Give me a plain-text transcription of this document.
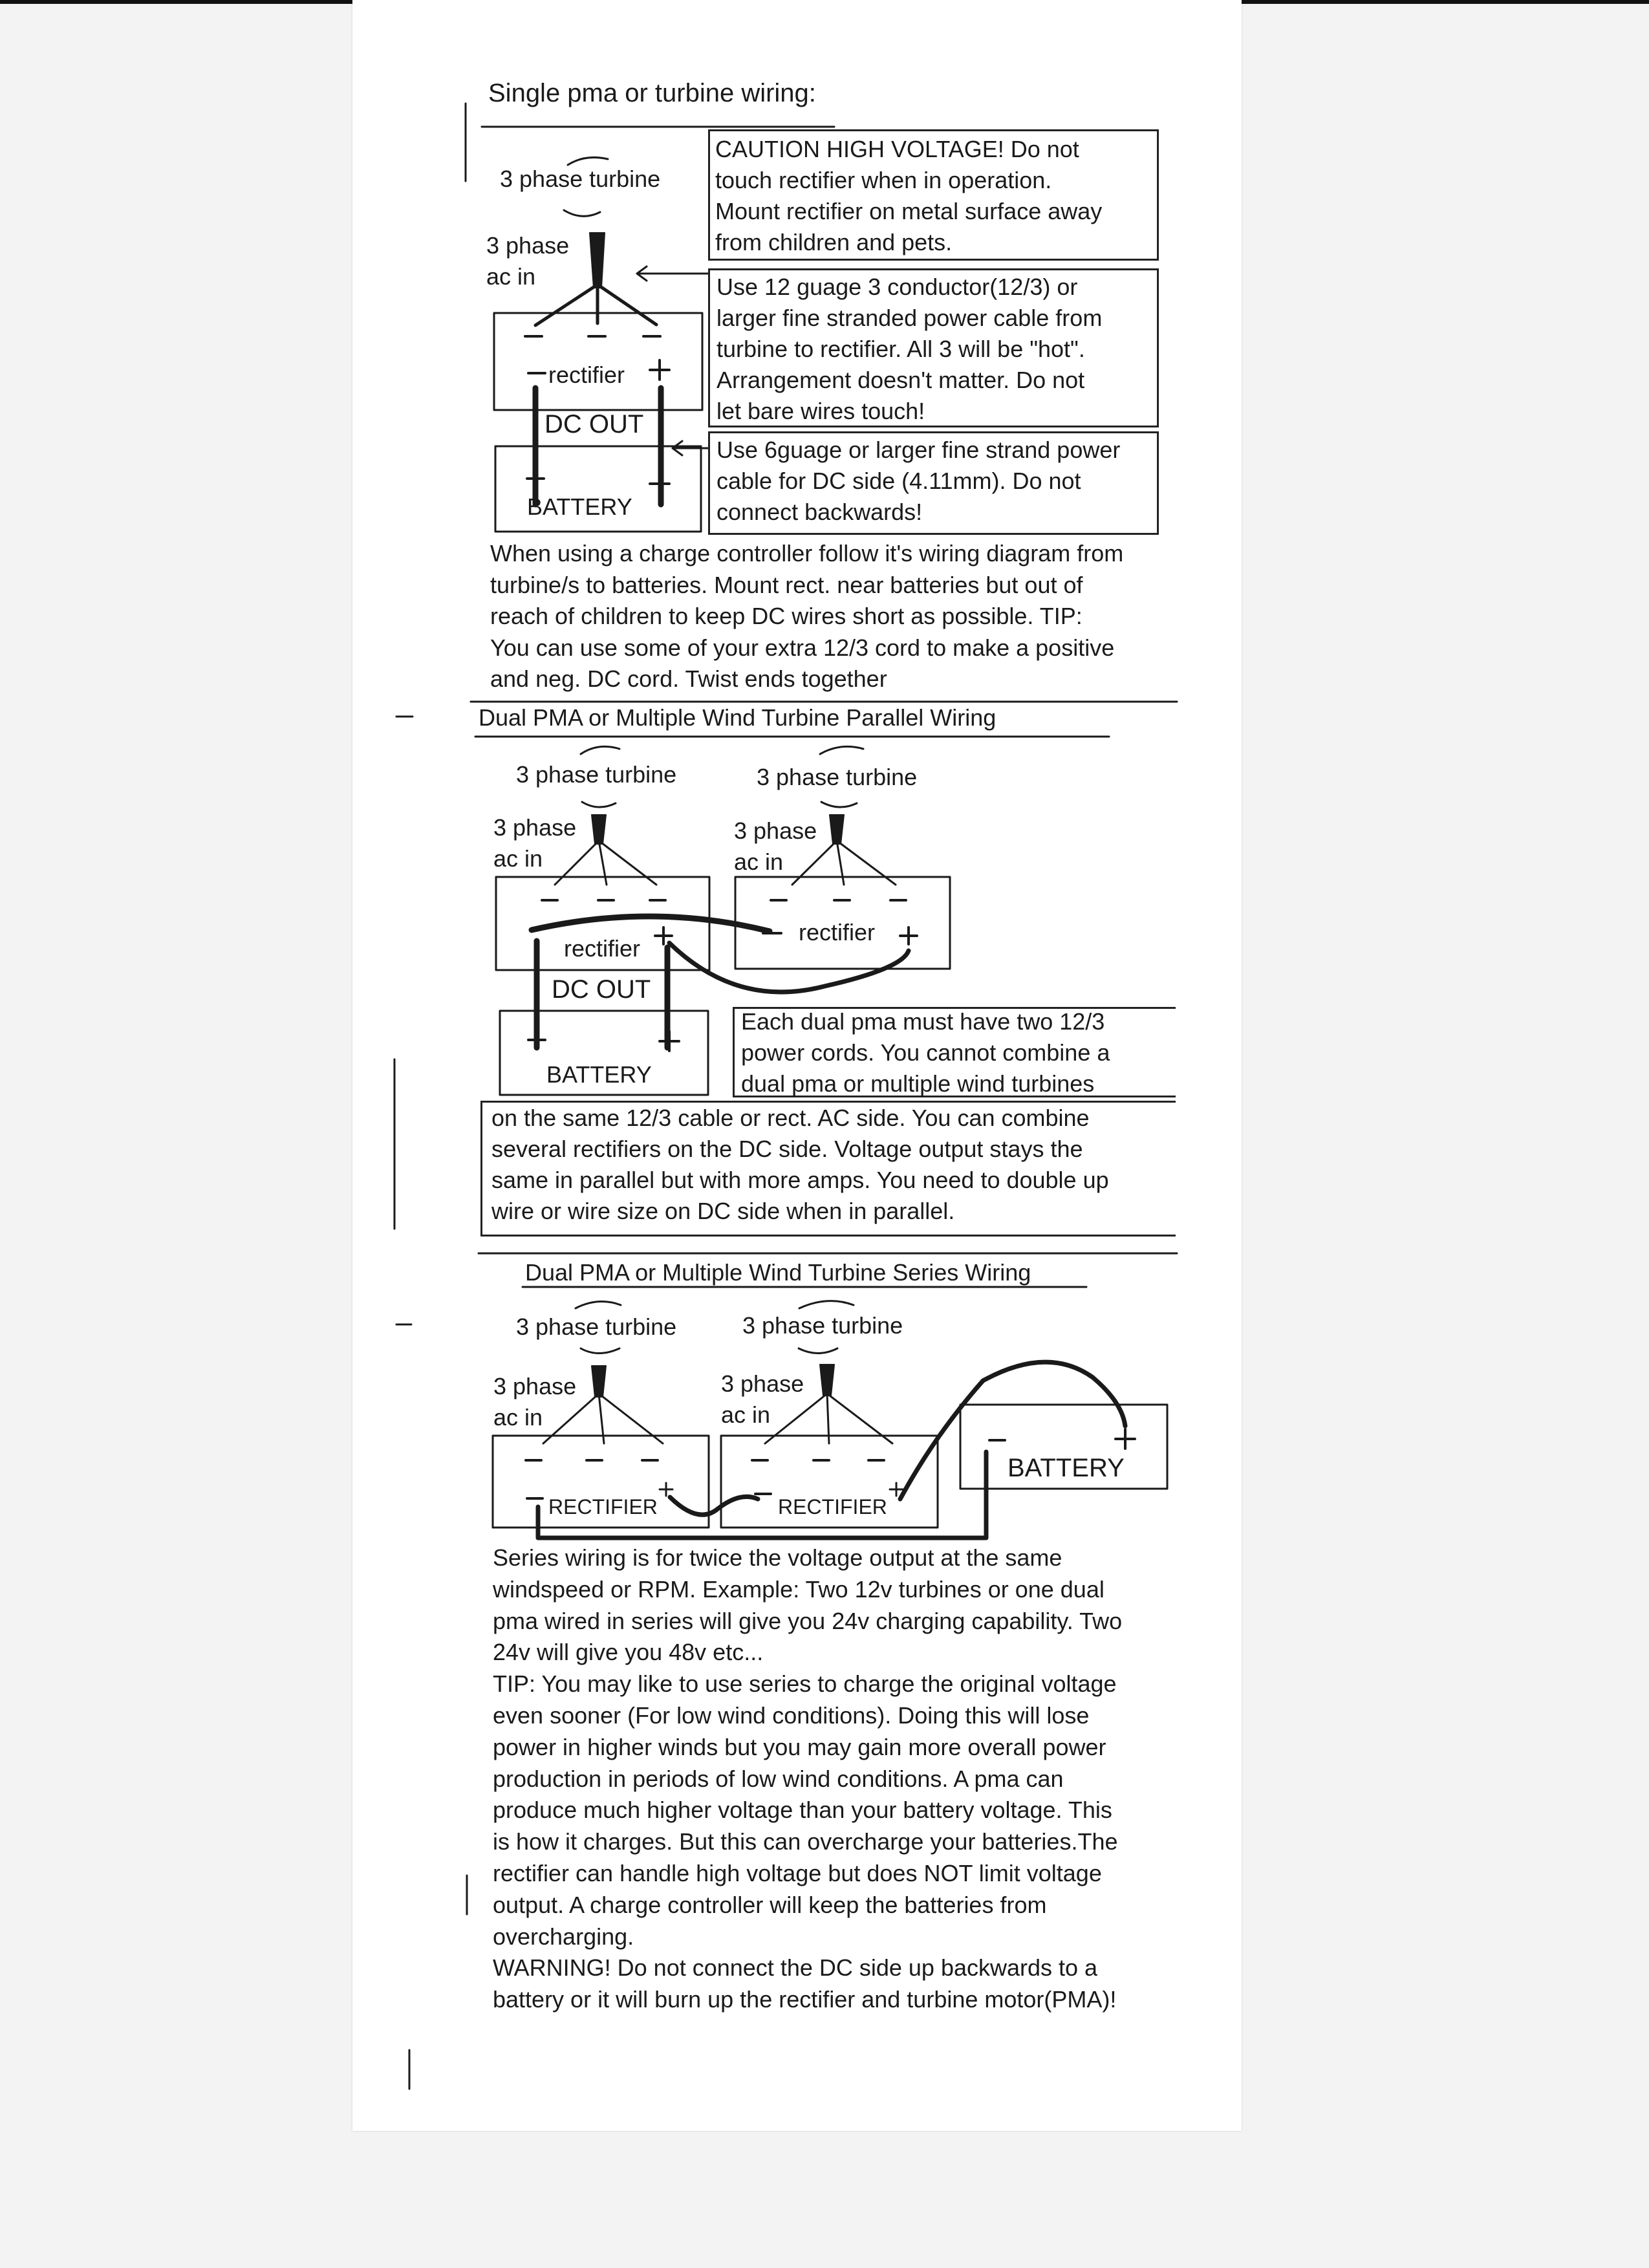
Single pma or turbine wiring:
3 phase turbine
3 phase
ac in
rectifier
DC OUT
BATTERY
CAUTION HIGH VOLTAGE! Do not
touch rectifier when in operation.
Mount rectifier on metal surface away
from children and pets.
Use 12 guage 3 conductor(12/3) or
larger fine stranded power cable from
turbine to rectifier. All 3 will be "hot".
Arrangement doesn't matter. Do not
let bare wires touch!
Use 6guage or larger fine strand power
cable for DC side (4.11mm). Do not
connect backwards!
When using a charge controller follow it's wiring diagram from
turbine/s to batteries. Mount rect. near batteries but out of
reach of children to keep DC wires short as possible. TIP:
You can use some of your extra 12/3 cord to make a positive
and neg. DC cord. Twist ends together
Dual PMA or Multiple Wind Turbine Parallel Wiring
3 phase turbine	3 phase turbine
3 phase
ac in
3 phase
ac in
rectifier
rectifier
DC OUT
BATTERY
Each dual pma must have two 12/3
power cords. You cannot combine a
dual pma or multiple wind turbines
on the same 12/3 cable or rect. AC side. You can combine
several rectifiers on the DC side. Voltage output stays the
same in parallel but with more amps. You need to double up
wire or wire size on DC side when in parallel.
Dual PMA or Multiple Wind Turbine Series Wiring
3 phase turbine	3 phase turbine
3 phase
ac in
3 phase
ac in
RECTIFIER	RECTIFIER
BATTERY
Series wiring is for twice the voltage output at the same
windspeed or RPM. Example: Two 12v turbines or one dual
pma wired in series will give you 24v charging capability. Two
24v will give you 48v etc...
TIP: You may like to use series to charge the original voltage
even sooner (For low wind conditions). Doing this will lose
power in higher winds but you may gain more overall power
production in periods of low wind conditions. A pma can
produce much higher voltage than your battery voltage. This
is how it charges. But this can overcharge your batteries.The
rectifier can handle high voltage but does NOT limit voltage
output. A charge controller will keep the batteries from
overcharging.
WARNING! Do not connect the DC side up backwards to a
battery or it will burn up the rectifier and turbine motor(PMA)!
